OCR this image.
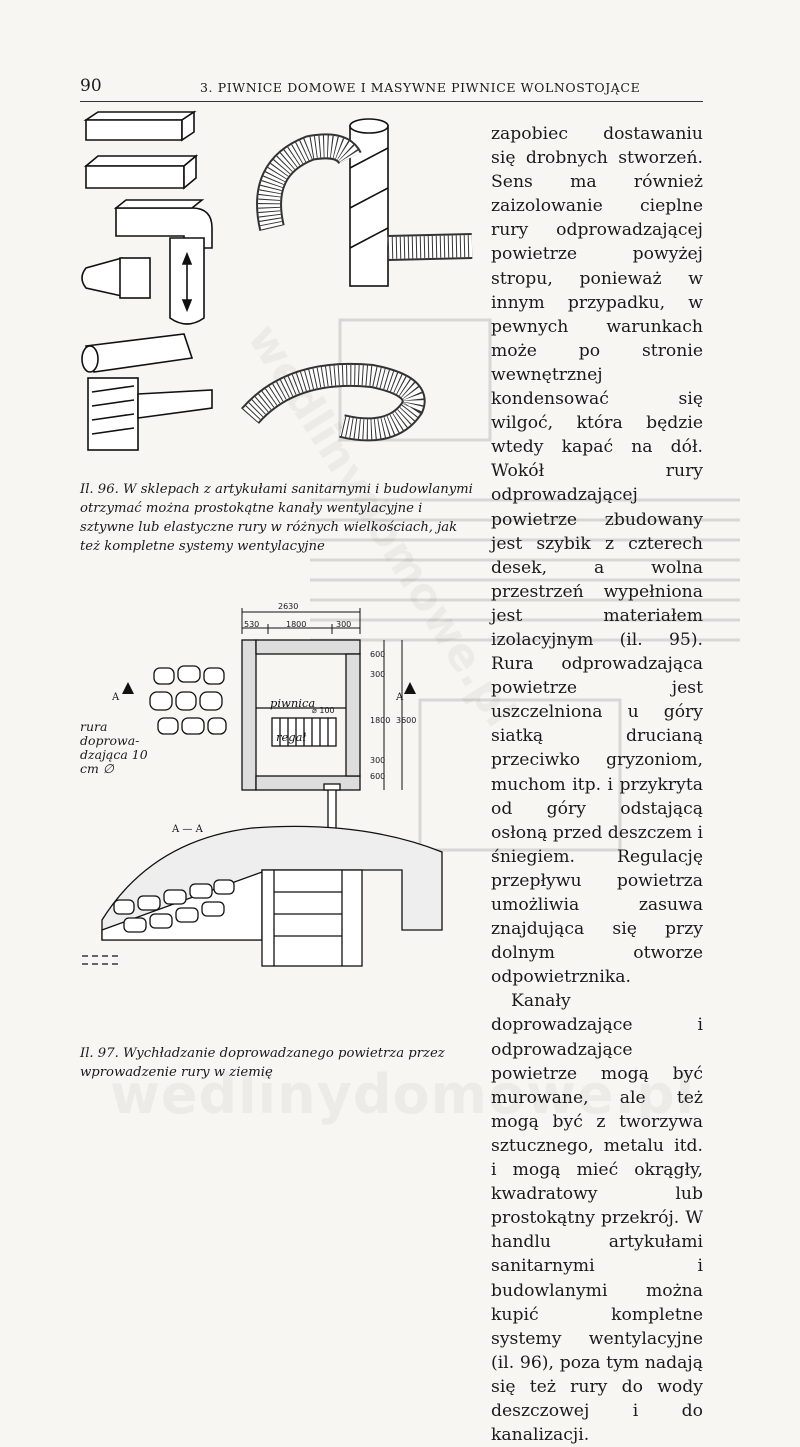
90	3. PIWNICE DOMOWE I MASYWNE PIWNICE WOLNOSTOJĄCE
Il. 96. W sklepach z artykułami sanitarnymi i budowlanymi otrzymać można prostokątne kanały wentylacyjne i sztywne lub elastyczne rury w różnych wielkościach, jak też kompletne systemy wentylacyjne
rura doprowa- dzająca 10 cm ∅
piwnica
regał
A	A
A — A
2630
530	1800	300
600
300
1800
300
600
3600
⌀ 100
Il. 97. Wychładzanie doprowadzanego powietrza przez wprowadzenie rury w ziemię

zapobiec dostawaniu się drobnych stworzeń. Sens ma również zaizolowanie cieplne rury odprowadzającej powietrze powyżej stropu, ponieważ w innym przypadku, w pewnych warunkach może po stronie wewnętrznej kondensować się wilgoć, która będzie wtedy kapać na dół. Wokół rury odprowadzającej powietrze zbudowany jest szybik z czterech desek, a wolna przestrzeń wypełniona jest materiałem izolacyjnym (il. 95). Rura odprowadzająca powietrze jest uszczelniona u góry siatką drucianą przeciwko gryzoniom, muchom itp. i przykryta od góry odstającą osłoną przed deszczem i śniegiem. Regulację przepływu powietrza umożliwia zasuwa znajdująca się przy dolnym otworze odpowietrznika.

Kanały doprowadzające i odprowadzające powietrze mogą być murowane, ale też mogą być z tworzywa sztucznego, metalu itd. i mogą mieć okrągły, kwadratowy lub prostokątny przekrój. W handlu artykułami sanitarnymi i budowlanymi można kupić kompletne systemy wentylacyjne (il. 96), poza tym nadają się też rury do wody deszczowej i do kanalizacji.
